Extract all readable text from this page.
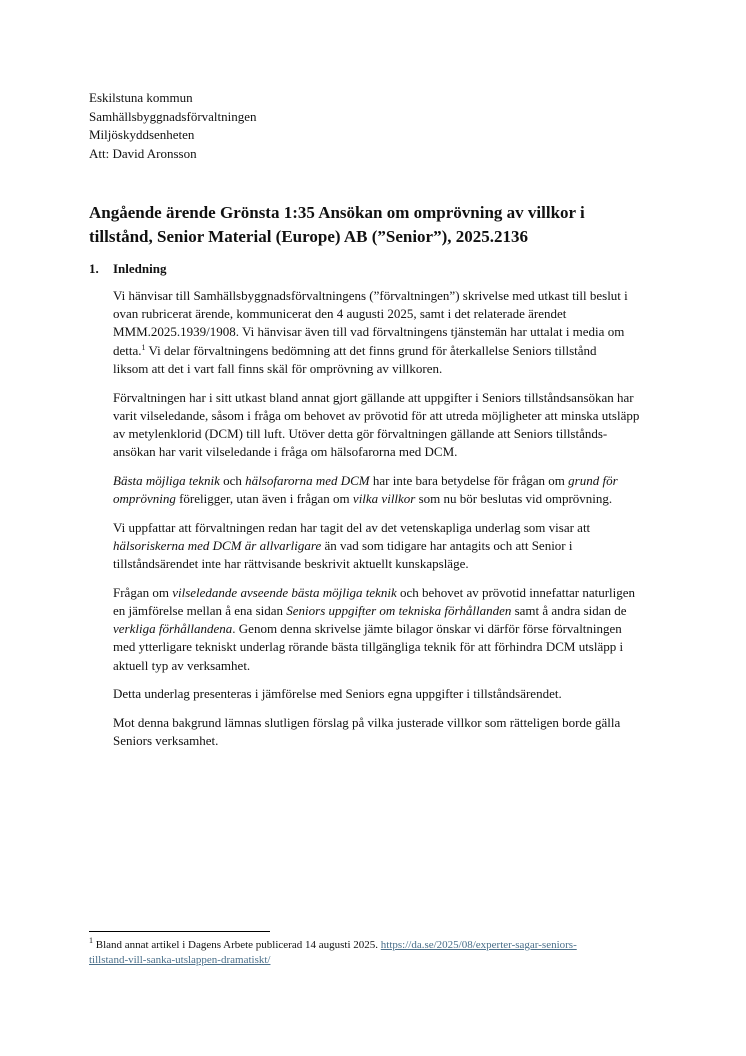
Eskilstuna kommun
Samhällsbyggnadsförvaltningen
Miljöskyddsenheten
Att: David Aronsson
Angående ärende Grönsta 1:35 Ansökan om omprövning av villkor i
tillstånd, Senior Material (Europe) AB (”Senior”), 2025.2136
1. Inledning

Vi hänvisar till Samhällsbyggnadsförvaltningens (”förvaltningen”) skrivelse med utkast till beslut i
ovan rubricerat ärende, kommunicerat den 4 augusti 2025, samt i det relaterade ärendet
MMM.2025.1939/1908. Vi hänvisar även till vad förvaltningens tjänstemän har uttalat i media om
detta.$^1$ Vi delar förvaltningens bedömning att det finns grund för återkallelse Seniors tillstånd
liksom att det i vart fall finns skäl för omprövning av villkoren.

Förvaltningen har i sitt utkast bland annat gjort gällande att uppgifter i Seniors tillståndsansökan har
varit vilseledande, såsom i fråga om behovet av prövotid för att utreda möjligheter att minska utsläpp
av metylenklorid (DCM) till luft. Utöver detta gör förvaltningen gällande att Seniors tillstånds-
ansökan har varit vilseledande i fråga om hälsofarorna med DCM.

Bästa möjliga teknik och hälsofarorna med DCM har inte bara betydelse för frågan om grund för
omprövning föreligger, utan även i frågan om vilka villkor som nu bör beslutas vid omprövning.

Vi uppfattar att förvaltningen redan har tagit del av det vetenskapliga underlag som visar att
hälsoriskerna med DCM är allvarligare än vad som tidigare har antagits och att Senior i
tillståndsärendet inte har rättvisande beskrivit aktuellt kunskapsläge.

Frågan om vilseledande avseende bästa möjliga teknik och behovet av prövotid innefattar naturligen
en jämförelse mellan å ena sidan Seniors uppgifter om tekniska förhållanden samt å andra sidan de
verkliga förhållandena. Genom denna skrivelse jämte bilagor önskar vi därför förse förvaltningen
med ytterligare tekniskt underlag rörande bästa tillgängliga teknik för att förhindra DCM utsläpp i
aktuell typ av verksamhet.

Detta underlag presenteras i jämförelse med Seniors egna uppgifter i tillståndsärendet.

Mot denna bakgrund lämnas slutligen förslag på vilka justerade villkor som rätteligen borde gälla
Seniors verksamhet.

$^1$ Bland annat artikel i Dagens Arbete publicerad 14 augusti 2025. https://da.se/2025/08/experter-sagar-seniors-
tillstand-vill-sanka-utslappen-dramatiskt/
